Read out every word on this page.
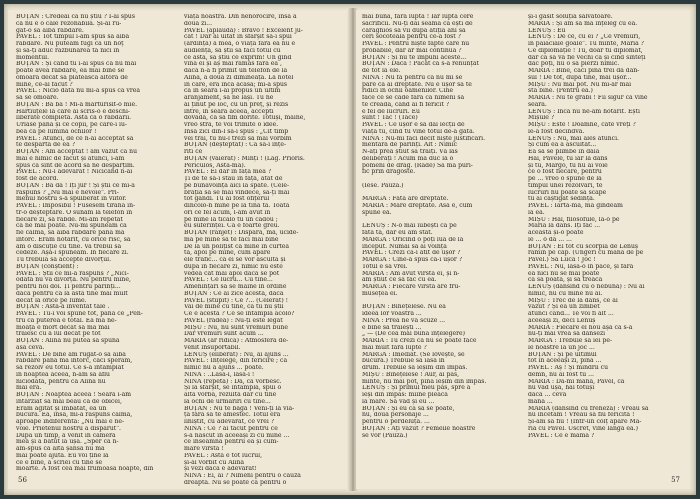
BOȚAN : Credeai că nu știu ? I-ai spus
că nu e o cale rezonabilă. Și-ai ru-
gat-o să aibă răbdare.
PAVEL : Tot timpul i-am spus să aibă
răbdare. Nu puteam fugi ca un hoț
și să-ți aduc răzbunarea ta nici în
momentul.
BOȚAN : Și când tu i-ai spus că nu mai
poate avea răbdare, ea mai bine se
omoară decât să plătească altora de
mine, ce-ai făcut ?
PAVEL : Nicio dată nu mi-a spus că vrea
să se omoare.
BOȚAN : Ba ba ! Mi-a mărturisit-o mie.
Hârtiuțele la care ai scris-o e deschi-
liberate completă. Asta ca o răbdării.
Urlase până și ce copii, pe care-i iu-
bea ca pe lumina ochilor !
PAVEL : Atunci, de ce n-ai acceptat să
te despartă de ea ?
BOȚAN : Am acceptat ! am văzut că nu
mai e nimic de făcut și atunci, i-am
spus că sînt de acord să ne despărțim.
PAVEL : Nu-i adevărat ! Nicicând n-ai
fost de acord.
BOȚAN : Ba da ! Iți jur ! Și știi ce mi-a
răspuns ? „Nu mai e nevoie". Pri-
menul nostru s-a spulberat în viitor.
PAVEL : Imposibil ! Fusesem tirana în-
tr-o deșteptare. O sunam la telefon în
fiecare zi, să răbde. Mi-am repetat
că ne mai poate. Nu-mi spuneam că
fie calmă, să aibă răbdare până mă
întorc. Eram hotărît, cu orice risc, să
am o discuție cu tine. Va trebui să
cedeze. Așa-i spuneam. În fiecare zi.
Tu trebuia să accepte divorțul.
BOȚAN (conștient) :
PAVEL : Știi ce mi-a răspuns ? „Nici-
odată nu va divorța. Nu pentru mine,
pentru noi doi. Ți pentru părinți...
dacă pentru că la asta tine mai mult
decât la orice pe lume.
BOȚAN : Asta-a inventat tale .
PAVEL : Tu-i voi spune tot, până ce „Pen-
tru că puterea e total. Ea mă ne-
moață e mort decât să mă mai
trăiesc cu a lui decât pe tot
BOȚAN : Alina nu putea să spună
asa ceva.
PAVEL : De bine am rugat-o să aibă
răbdare până mă întorc, căci sperăm,
să rezolv eu totul. Ce s-a întâmplat
în noaptea aceea, n-am să aflu
niciodată, pentru că Alina nu
mai era.
BOȚAN : Noaptea aceea ! Seara i-am
întârziat să mai beau ca de obicei,
Eram agitat și îmbătat, ea un
bucura. Ea, însă, mi-a răspuns calmă,
aproape indiferentă: „Nu mai e ne-
voie. Prietenul nostru a dispărut".
După un timp, a venit în camera
mea și a bătut la ușă. „Sper că n-
am-spus că altă șansă nu mă
mai poate ajuta. Eu voi ține la
ce e bine, a scriei cu tine se
moarte. A fost cea mai frumoasă noapte, din
viața noastră. Din nenorocire, însă a
doua zi...
PAVEL (aplaudă) : Bravo ! Excelent ju-
cat ! Dar ai uitat în sfârșit să-i spui
(ardință) a mea, o viață fără ea nu e
audiență, să știi să faci totul cu
ce asta, să știu ce exprim! Un gind
vina ei și aș mai rămas fără ea ,
dacă n-a fi primit un telefon de la
Alina, a doua zi dimineață. La hotel
în care, era încă acasă; mi-a spus
că în seara i-ai propus un ultim
aranjament, să ne lași. Tu ne
ai ținut pe loc, cu un preț, și rezis
între, în seara aceea, accepti
dovada, ca să fim dorite. Totuși, mâine,
vreo stră, te voi trimite o idee.
Insă zici din-l să-i spus : „Cît timp
vei trăi, tu nu-l trezi să mai vorbim
BOȚAN (deșteptat) : Ca să-i înțe-
riti ce
BOȚAN (vaierat) : Minți ! (Lag. Prioris.
Periculos, Asta-mă).
PAVEL : Ei dar în fața mea ?
Ți de te să-i stau în față, atât de
pe bunăvoință aici la spate. (Cele-
brația să se mai vindece, să-ți mai
tot gândi. Tu ai fost ofițerul
dincolo-n mine pe la tina ta. Toată
ori ce fel acum, l-am avut în
pe mine la ticălo tu un cadou ;
eu suferinței. Ca e foarte greu.
BOȚAN (rânjet) : Dispară, mă, ucide-
mă pe mine să te faci mai bine
De la un polițist ca mine în curtea
ta, apoi pe mine, cum apare
ele trafic... că ei se vor asculta și
după în fiecare zi, nimic nu este
vedea cât mai apoi dacă se pot
PAVEL : Ce lucru... Cu tine...
Amenințări să se mâine în ordine
BOȚAN : Ce ai zice acesta, dacă
PAVEL (stupit) : Ce ?... (Celerat) !
Vai de mine cu tine, că tu nu știi
Ce e acesta ? Ce se întâmplă acolo?
PAVEL (râdea) : Nu-ți este legat
MIȘU : Nu, nu sunt vremuri bune
Dar vremuri sunt acum ...
MARIA (ar ridică) : Atmosferă de-
venit insuportabil.
LENUȘ (eliberat) : Nu, ai ajuns ...
PAVEL : Înțelege, din fericire ; că
nimic nu a ajuns ... poate.
NINA : ..Lasă-i, lasă-i !
NINA (repeta) : Da, că vorbesc.
Și la sfârșit, se întâmplă, spui o
altă vorbă, rezultă dar cu tine
la ochi de urmăriri cu tine...
BOȚAN : Nu te băga ! Veni-ți la via-
ță fără să te amestec. Totul era
liniștit, cu adevărat, ce vrei ?
NINA : Ce ? ai tăcut pentru ce
s-a născut în aceeași zi cu mine ...
ce înseamnă pentru ea și cum-
mare vîrstă !
PAVEL : Ăsta e tot lucrul,
și-ai vorbit cu Alina
și vezi dacă e adevărat!
NINA : Ei, ai ? Nimeni pentru o cauză
dreaptă. Nu se poate ca pentru o
56
mai bună, fără luptă ! Iar lupta cere
sacrificii. Nu-ți dai seama că ești de
caraghios să vii după atîția ani să
ceri socoteala pentru ce-a fost ?
PAVEL : Pentru niște fapte care nu
probabile, dar ar mai continua ?
BOȚAN : Și nu te impuni aceste...
BOȚAN : Dacă ! Păcat că s-a renunțat
de tot la ele.
NINA : Nu fă pentru că nu mi se
pare că ai dreptate. Nu e ușor să te
ridici în ochii oamenilor. Cine
face ce se cade fără ca nimeni să
te creadă, când ai fi fericit ?
e fel de lucruri. Eu
sunt ! Tac ! (Tace)
PAVEL : Ce ușor e să dai lecții de
viață tu, cînd tu vine totul de-a gata.
NINA : Nu-mi faci decît niște justificări.
mentară de părinți. Alt : Nimic
N-ați prea știut să trăiți. Vă las
deliberați ! Acum mă duc la o
pomeni de drag. (Râde) Să mă puri-
fic prin dragoste.

(Iese. Pauză.)

MARGA : Fata are dreptate.
MARIA : Mare dreptate. Asa e, cum
spune ea.

LENUȘ : N-o mai iubești ca pe
fata ta, dar eu am stat.
MARGA : Oricînd o poți lua de la
început. Numai să ai voință
PAVEL : Crezi că-i atît de ușor ?
MARGA : Cine-a spus că-i ușor ?
Totul e să vrei.
MARIA : Am avut vîrsta ei, și n-
am știut ce să fac cu ea.
MARGA : Fiecare vîrstă are fru-
musețea ei.

BOȚAN : Binețelese. Nu ea
ideea lor voastră ...
NINA : Prea ne vă scuze ...
e bine să trăiești ...
„ — (De cea mai bună înțelegere)
MARIA : Tu crezi că nu se poate face
mai mult fără lupte ?
MARGA : Imediat. (Se lovește, se
bucură.) Trebuie să iasă în
drum. Trebuie să ieșim din impas.
MIȘU : Binețelese ! Aur, ai pas,
minte, nu mai pot, pînă ieșim din impas.
LENUȘ : Și primul meu pas, spre a
ieși din impas: mîine pleacă
la mare. Să văd și eu ...
BOȚAN : Și eu ca să se poate,
nu, două personaje ...
pentru o perdeluță. ...
BOȚAN : Ați văzut ? Femeile noastre
se vor (Pauză.)
și-i găsit soluția salvatoare.
MARIA : Și am să mă înțeleg cu ea.
LENUȘ : Eu
LENUȘ : De ce, cu ei ? „Ce vremuri,
în paiaciale goale". Tu minte, Maria ?
Ce diplomație ! Tu, doar tu diplomat,
dar ca să vă fie vechi ca și cînd sînteți
dac poți, nu o să pierzi nimic.
MARIA : Bine, căci pînă trei dă dan-
sul ! De tot, după tine, mai ușor...
MIȘU : Nu mai pot. Nu mi-ar mai
sta bine. (Pentru ea.)
MARIA : Nu te grăbi ! Fii sigur că vine
seara.
LENUȘ : Încă nu ne-am hotărît. Ești
Mișule ?
MIȘU : Este ! Doamne, câte vreți ?
le-a fost decîndva.
LENUȘ : Nu, mai ales atunci.
Și cum ea a ascultat...
Ea să se plimbe în daia
Hai, Pavele, tu iar la dans
și tu, Margo, tu nu ai voie
ce o fost fiecare, pentru
pe ... vreo o spune de la
timpul unei rezolvări, te
lucruri nu poate să scape
tu ai câștigat sedința.
PAVEL : Iartă-mă, mă gîndeam
la ea.
MIȘU : Hai, filosofule, la-o pe
Maria la dans. Îți fac ...
aceasta și-o poate
le ... o da ... ...
BOȚAN : Ei tot cu scorpia de Lenuș
rămîn pe cap. (Ungeri cu mâna de pe
Pavel.) Să Lucă ! Joc !
PAVEL : Nu, lasă-o în pace, și fără
ea nici nu se mai poate
ca să poată, și să treacă
LENUȘ (dansînd cu o nebună) : Nu ai
nimic, nu cu mine nu ai.
MIȘU : Trec de la dans, ce ai
văzut ? Și ea un zîmbet
atunci când... Te voi fi alt ...
aceeași zi, deci Lenuș
MARIA : Fiecare el nou așa ca s-a
nu-ți mai vrea să dansezi
MARGA : Trebuie să iei pe-
le noastre la un joc ...
BOȚAN : Și pe ultimul
tot în aceeași zi, pînă ...
PAVEL : Aș ! Și mindrii cu
demn, nu ai fost tu ...
MARIA : Dă-mi mâna, Pavel, că
nu văd ușa, hai totuși
dacă ... ceva
mâna ...
MARIA (dansînd cu freneză) : Vreau să
nu încetăm ! Vreau să fiu fericită !
Și-am să fiu ! (Intr-un colț apare Ma-
ria cu Pavel. Uscret, vine lângă ea.)
PAVEL : Ce e mamă ?
57
